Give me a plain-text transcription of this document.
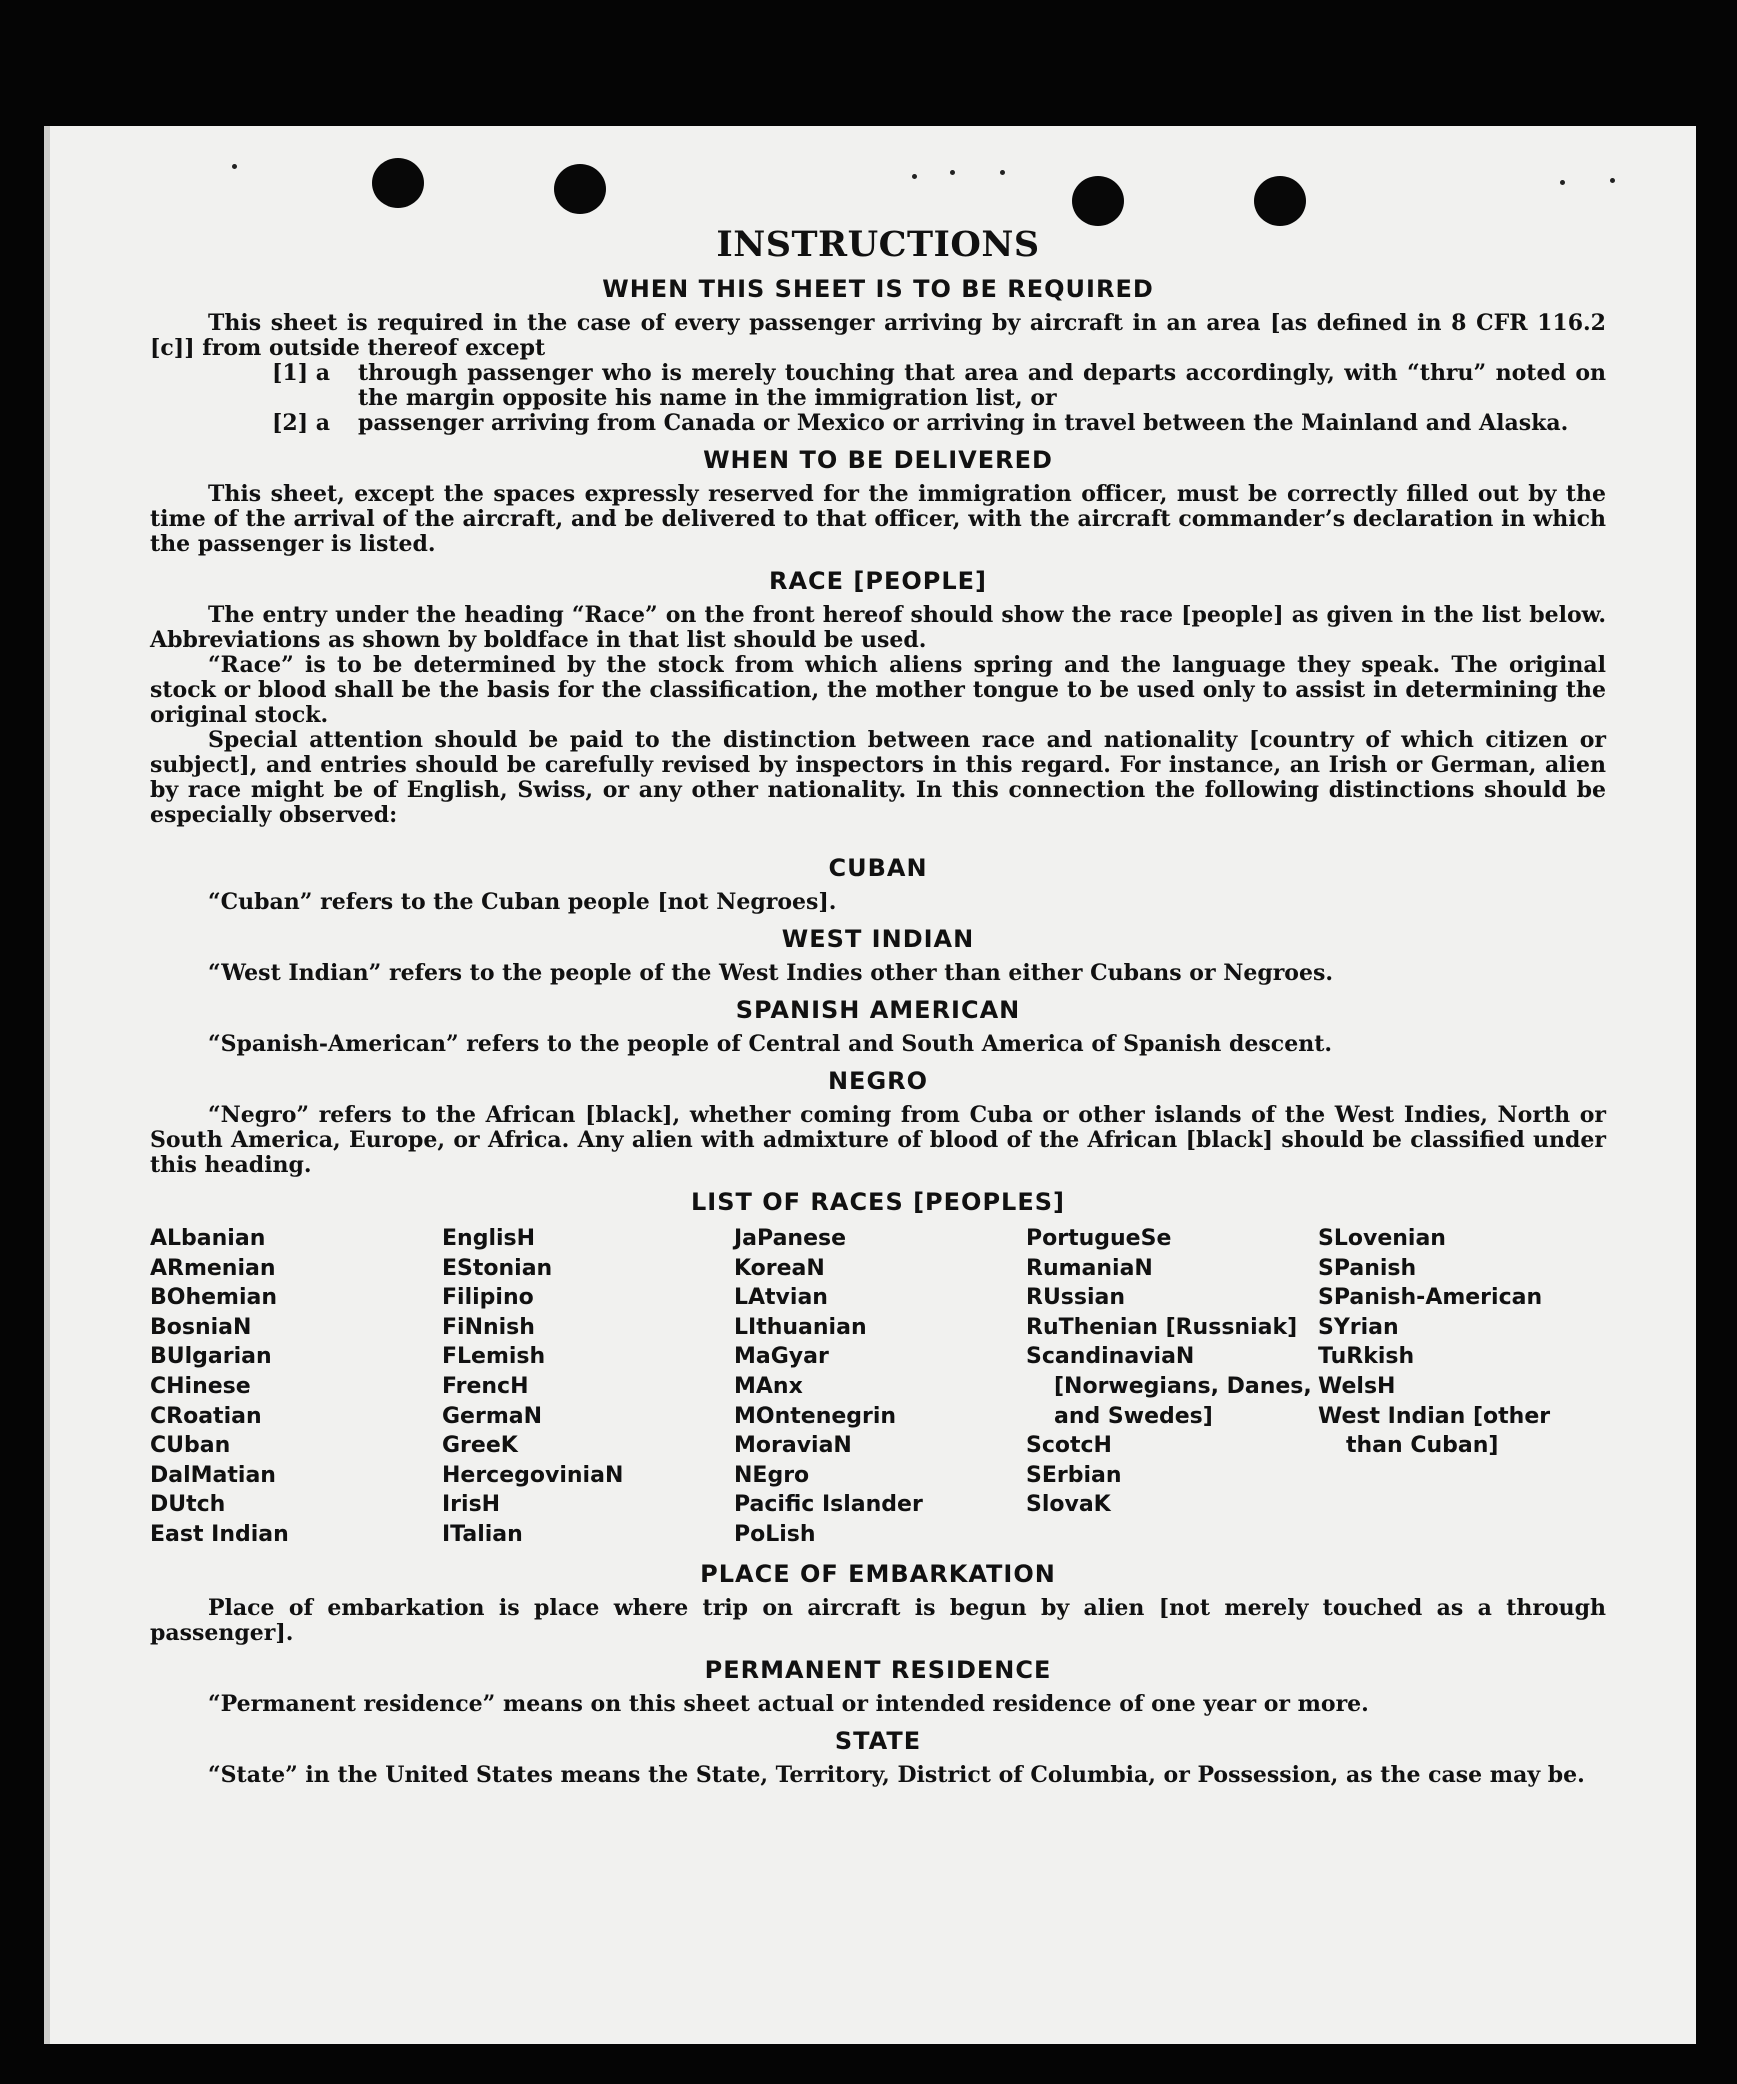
INSTRUCTIONS
WHEN THIS SHEET IS TO BE REQUIRED

This sheet is required in the case of every passenger arriving by aircraft in an area [as defined in 8 CFR 116.2 [c]] from outside thereof except

[1] a through passenger who is merely touching that area and departs accordingly, with “thru” noted on the margin opposite his name in the immigration list, or
[2] a passenger arriving from Canada or Mexico or arriving in travel between the Mainland and Alaska.
WHEN TO BE DELIVERED

This sheet, except the spaces expressly reserved for the immigration officer, must be correctly filled out by the time of the arrival of the aircraft, and be delivered to that officer, with the aircraft commander’s declaration in which the passenger is listed.

RACE [PEOPLE]

The entry under the heading “Race” on the front hereof should show the race [people] as given in the list below. Abbreviations as shown by boldface in that list should be used.

“Race” is to be determined by the stock from which aliens spring and the language they speak. The original stock or blood shall be the basis for the classification, the mother tongue to be used only to assist in determining the original stock.

Special attention should be paid to the distinction between race and nationality [country of which citizen or subject], and entries should be carefully revised by inspectors in this regard. For instance, an Irish or German, alien by race might be of English, Swiss, or any other nationality. In this connection the following distinctions should be especially observed:

CUBAN

“Cuban” refers to the Cuban people [not Negroes].

WEST INDIAN

“West Indian” refers to the people of the West Indies other than either Cubans or Negroes.

SPANISH AMERICAN

“Spanish-American” refers to the people of Central and South America of Spanish descent.

NEGRO

“Negro” refers to the African [black], whether coming from Cuba or other islands of the West Indies, North or South America, Europe, or Africa. Any alien with admixture of blood of the African [black] should be classified under this heading.

LIST OF RACES [PEOPLES]
ALbanian
ARmenian
BOhemian
BosniaN
BUlgarian
CHinese
CRoatian
CUban
DalMatian
DUtch
East Indian
EnglisH
EStonian
Filipino
FiNnish
FLemish
FrencH
GermaN
GreeK
HercegoviniaN
IrisH
ITalian
JaPanese
KoreaN
LAtvian
LIthuanian
MaGyar
MAnx
MOntenegrin
MoraviaN
NEgro
Pacific Islander
PoLish
PortugueSe
RumaniaN
RUssian
RuThenian [Russniak]
ScandinaviaN [Norwegians, Danes, and Swedes]
ScotcH
SErbian
SlovaK
SLovenian
SPanish
SPanish-American
SYrian
TuRkish
WelsH
West Indian [other than Cuban]
PLACE OF EMBARKATION

Place of embarkation is place where trip on aircraft is begun by alien [not merely touched as a through passenger].

PERMANENT RESIDENCE

“Permanent residence” means on this sheet actual or intended residence of one year or more.

STATE

“State” in the United States means the State, Territory, District of Columbia, or Possession, as the case may be.
